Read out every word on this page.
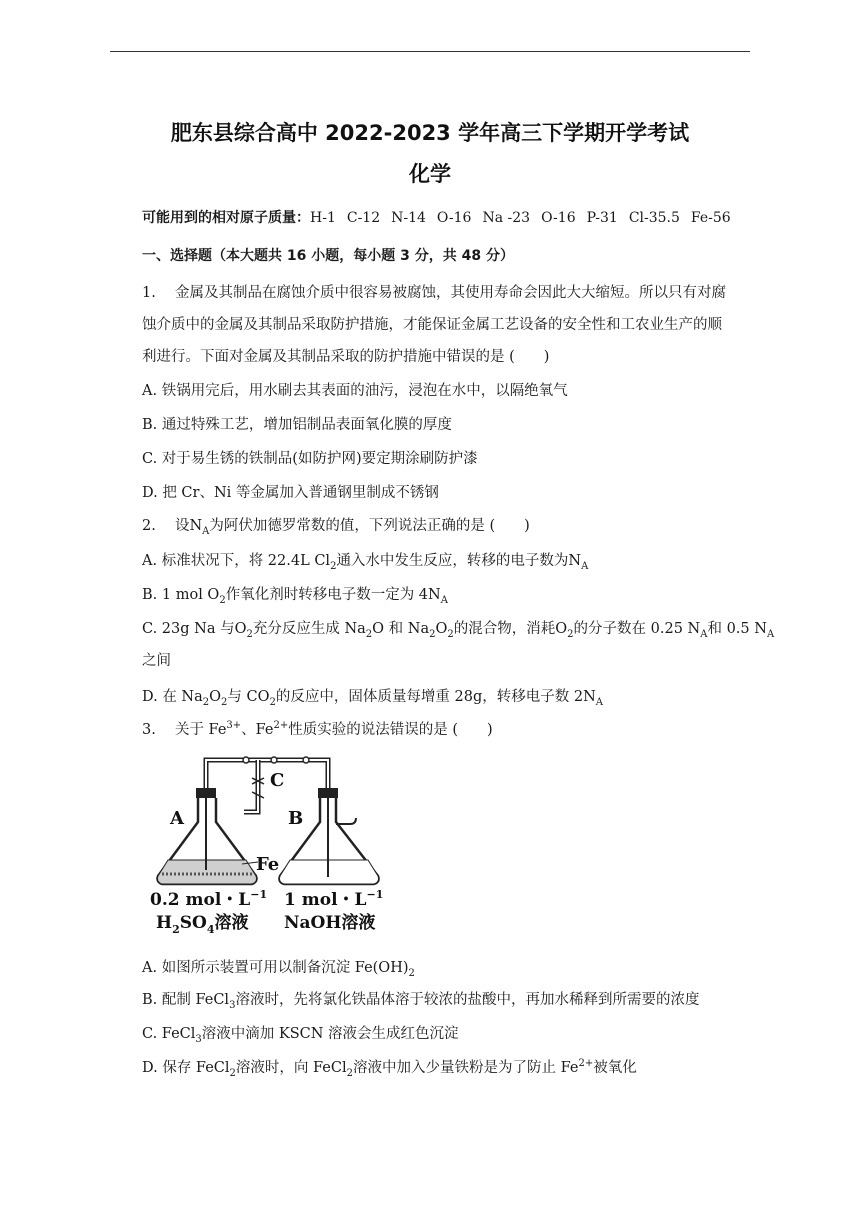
肥东县综合高中 2022-2023 学年高三下学期开学考试
化学
可能用到的相对原子质量：H-1 C-12 N-14 O-16 Na -23 O-16 P-31 Cl-35.5 Fe-56
一、选择题（本大题共 16 小题，每小题 3 分，共 48 分）
1.　 金属及其制品在腐蚀介质中很容易被腐蚀，其使用寿命会因此大大缩短。所以只有对腐
蚀介质中的金属及其制品采取防护措施，才能保证金属工艺设备的安全性和工农业生产的顺
利进行。下面对金属及其制品采取的防护措施中错误的是 (　　)
A. 铁锅用完后，用水刷去其表面的油污，浸泡在水中，以隔绝氧气
B. 通过特殊工艺，增加铝制品表面氧化膜的厚度
C. 对于易生锈的铁制品(如防护网)要定期涂刷防护漆
D. 把 Cr、Ni 等金属加入普通钢里制成不锈钢
2.　 设$N_A$为阿伏加德罗常数的值，下列说法正确的是 (　　)
A. 标准状况下，将 22.4L $Cl_2$通入水中发生反应，转移的电子数为$N_A$
B. 1 mol $O_2$作氧化剂时转移电子数一定为 $4N_A$
C. 23g Na 与$O_2$充分反应生成 $Na_2O$ 和 $Na_2O_2$的混合物，消耗$O_2$的分子数在 0.25 $N_A$和 0.5 $N_A$
之间
D. 在 $Na_2O_2$与 $CO_2$的反应中，固体质量每增重 28g，转移电子数 $2N_A$
3.　 关于 $Fe^{3+}$、$Fe^{2+}$性质实验的说法错误的是 (　　)
A	B
C
Fe
0.2 mol・$L^{-1}$ 1 mol・$L^{-1}$
$H_2SO_4$溶液 NaOH溶液
A. 如图所示装置可用以制备沉淀 $Fe(OH)_2$
B. 配制 FeCl$_3$溶液时，先将氯化铁晶体溶于较浓的盐酸中，再加水稀释到所需要的浓度
C. FeCl$_3$溶液中滴加 KSCN 溶液会生成红色沉淀
D. 保存 FeCl$_2$溶液时，向 FeCl$_2$溶液中加入少量铁粉是为了防止 $Fe^{2+}$被氧化
